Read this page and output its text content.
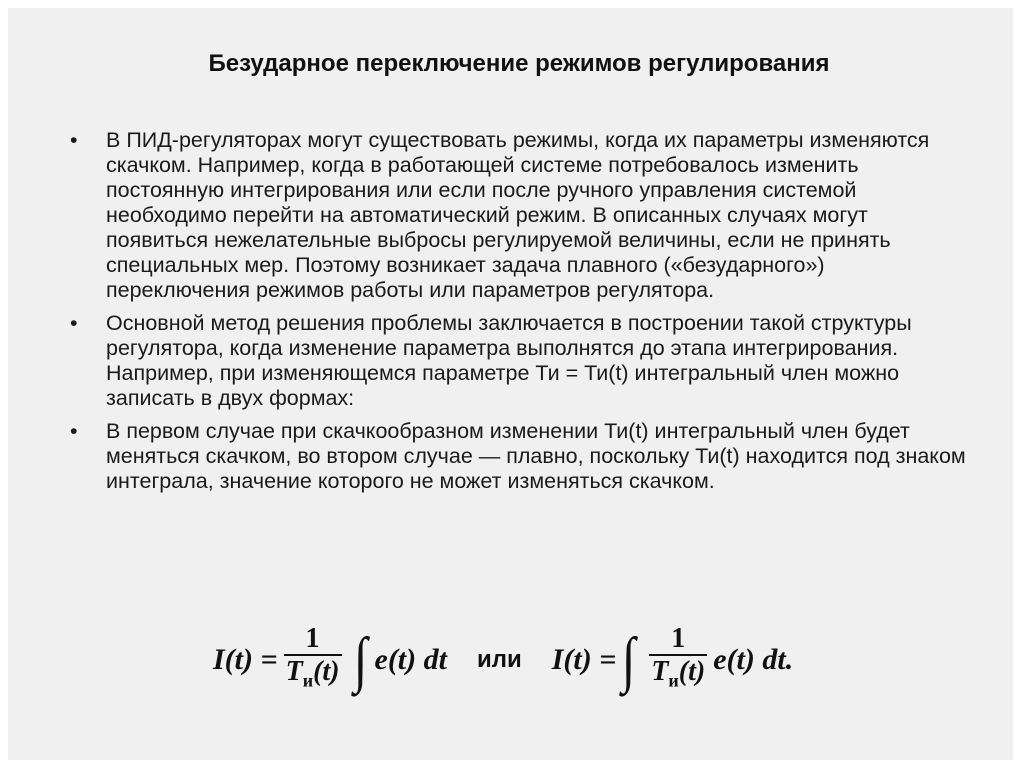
Безударное переключение режимов регулирования
• В ПИД-регуляторах могут существовать режимы, когда их параметры изменяются скачком. Например, когда в работающей системе потребовалось изменить постоянную интегрирования или если после ручного управления системой необходимо перейти на автоматический режим. В описанных случаях могут появиться нежелательные выбросы регулируемой величины, если не принять специальных мер. Поэтому возникает задача плавного («безударного») переключения режимов работы или параметров регулятора.
• Основной метод решения проблемы заключается в построении такой структуры регулятора, когда изменение параметра выполнятся до этапа интегрирования. Например, при изменяющемся параметре Ти = Ти(t) интегральный член можно записать в двух формах:
• В первом случае при скачкообразном изменении Ти(t) интегральный член будет меняться скачком, во втором случае — плавно, поскольку Ти(t) находится под знаком интеграла, значение которого не может изменяться скачком.
$I(t) = \frac{1}{T_и(t)}$ ∫ e(t) dt или I(t) = ∫ $\frac{1}{T_и(t)} e(t)$ dt.
